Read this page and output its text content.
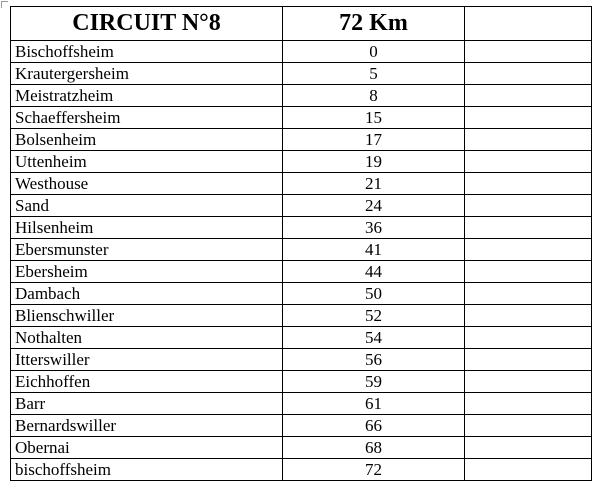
CIRCUIT N°8	72 Km	
Bischoffsheim	0	
Krautergersheim	5	
Meistratzheim	8	
Schaeffersheim	15	
Bolsenheim	17	
Uttenheim	19	
Westhouse	21	
Sand	24	
Hilsenheim	36	
Ebersmunster	41	
Ebersheim	44	
Dambach	50	
Blienschwiller	52	
Nothalten	54	
Itterswiller	56	
Eichhoffen	59	
Barr	61	
Bernardswiller	66	
Obernai	68	
bischoffsheim	72	
